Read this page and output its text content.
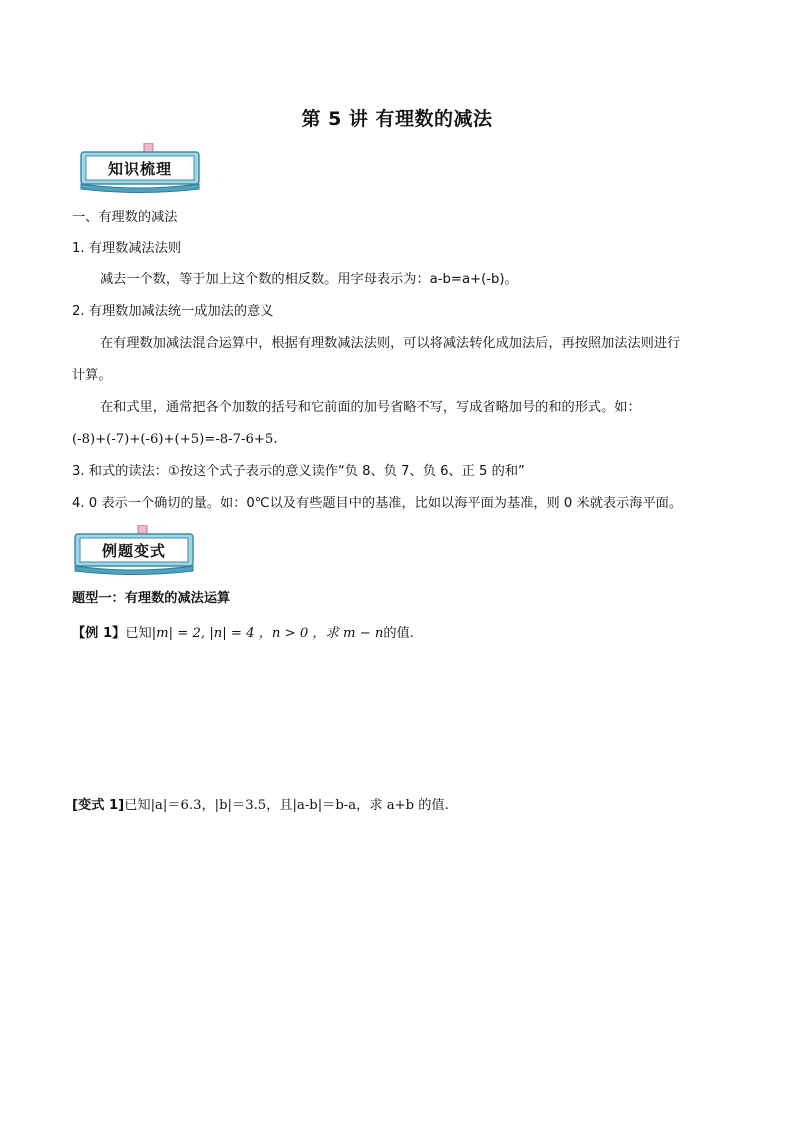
第 5 讲 有理数的减法
知识梳理
一、有理数的减法
1. 有理数减法法则
减去一个数，等于加上这个数的相反数。用字母表示为：a-b=a+(-b)。
2. 有理数加减法统一成加法的意义
在有理数加减法混合运算中，根据有理数减法法则，可以将减法转化成加法后，再按照加法法则进行
计算。
在和式里，通常把各个加数的括号和它前面的加号省略不写，写成省略加号的和的形式。如：
(-8)+(-7)+(-6)+(+5)=-8-7-6+5.
3. 和式的读法：①按这个式子表示的意义读作“负 8、负 7、负 6、正 5 的和”
4. 0 表示一个确切的量。如：0℃以及有些题目中的基准，比如以海平面为基准，则 0 米就表示海平面。
例题变式
题型一：有理数的减法运算
【例 1】已知|m| = 2, |n| = 4 ，n > 0 ，求 m − n的值.
[变式 1]已知|a|＝6.3，|b|＝3.5，且|a-b|＝b-a，求 a+b 的值.
